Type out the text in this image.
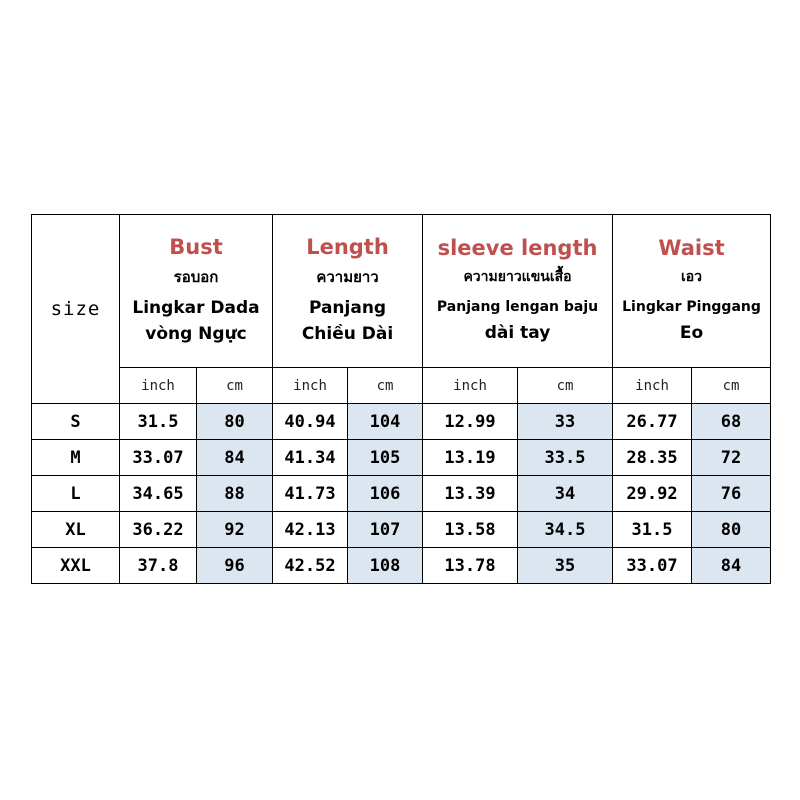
size	Bust
รอบอก
Lingkar Dada
vòng Ngực		Length
ความยาว
Panjang
Chiều Dài		sleeve length
ความยาวแขนเสื้อ
Panjang lengan baju
dài tay		Waist
เอว
Lingkar Pinggang
Eo	

	inch	cm	inch	cm	inch	cm	inch	cm
S	31.5	80	40.94	104	12.99	33	26.77	68
M	33.07	84	41.34	105	13.19	33.5	28.35	72
L	34.65	88	41.73	106	13.39	34	29.92	76
XL	36.22	92	42.13	107	13.58	34.5	31.5	80
XXL	37.8	96	42.52	108	13.78	35	33.07	84
